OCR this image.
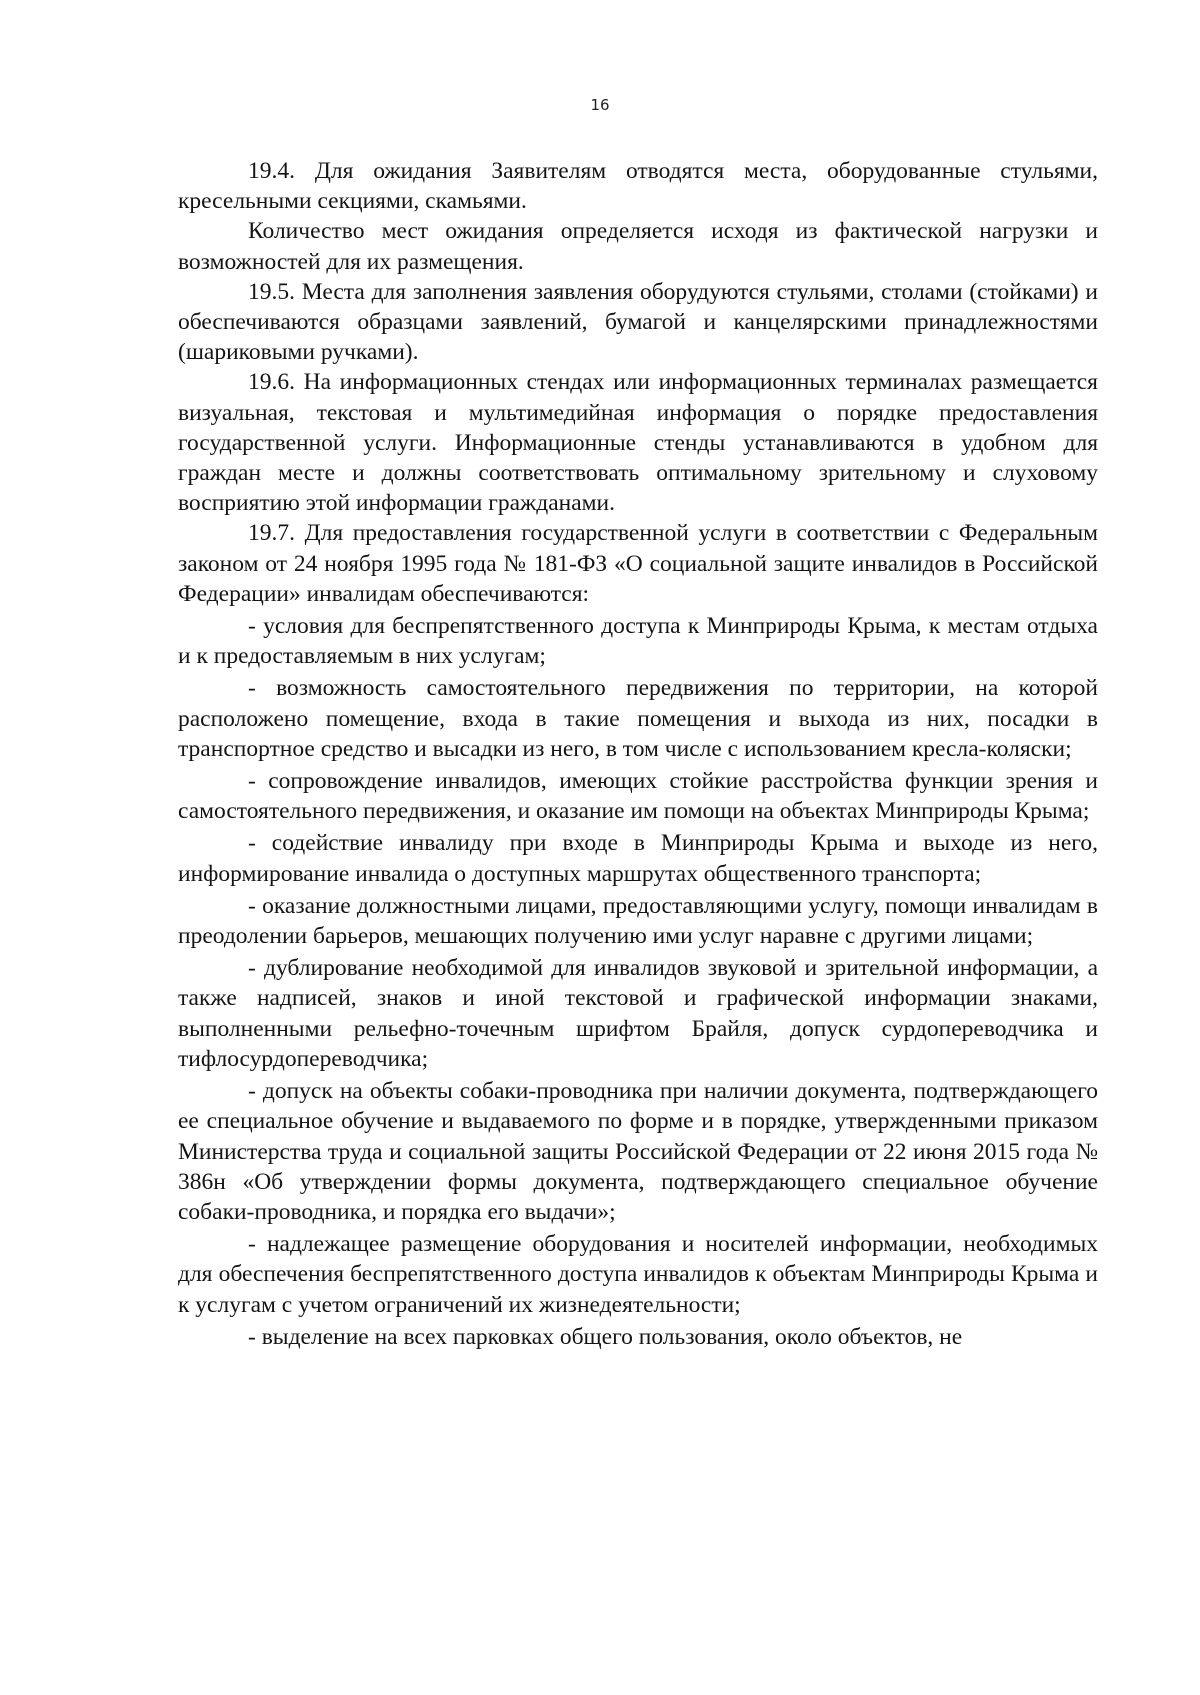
16

19.4. Для ожидания Заявителям отводятся места, оборудованные стульями, кресельными секциями, скамьями.

Количество мест ожидания определяется исходя из фактической нагрузки и возможностей для их размещения.

19.5. Места для заполнения заявления оборудуются стульями, столами (стойками) и обеспечиваются образцами заявлений, бумагой и канцелярскими принадлежностями (шариковыми ручками).

19.6. На информационных стендах или информационных терминалах размещается визуальная, текстовая и мультимедийная информация о порядке предоставления государственной услуги. Информационные стенды устанавливаются в удобном для граждан месте и должны соответствовать оптимальному зрительному и слуховому восприятию этой информации гражданами.

19.7. Для предоставления государственной услуги в соответствии с Федеральным законом от 24 ноября 1995 года № 181-ФЗ «О социальной защите инвалидов в Российской Федерации» инвалидам обеспечиваются:

- условия для беспрепятственного доступа к Минприроды Крыма, к местам отдыха и к предоставляемым в них услугам;

- возможность самостоятельного передвижения по территории, на которой расположено помещение, входа в такие помещения и выхода из них, посадки в транспортное средство и высадки из него, в том числе с использованием кресла-коляски;

- сопровождение инвалидов, имеющих стойкие расстройства функции зрения и самостоятельного передвижения, и оказание им помощи на объектах Минприроды Крыма;

- содействие инвалиду при входе в Минприроды Крыма и выходе из него, информирование инвалида о доступных маршрутах общественного транспорта;

- оказание должностными лицами, предоставляющими услугу, помощи инвалидам в преодолении барьеров, мешающих получению ими услуг наравне с другими лицами;

- дублирование необходимой для инвалидов звуковой и зрительной информации, а также надписей, знаков и иной текстовой и графической информации знаками, выполненными рельефно-точечным шрифтом Брайля, допуск сурдопереводчика и тифлосурдопереводчика;

- допуск на объекты собаки-проводника при наличии документа, подтверждающего ее специальное обучение и выдаваемого по форме и в порядке, утвержденными приказом Министерства труда и социальной защиты Российской Федерации от 22 июня 2015 года № 386н «Об утверждении формы документа, подтверждающего специальное обучение собаки-проводника, и порядка его выдачи»;

- надлежащее размещение оборудования и носителей информации, необходимых для обеспечения беспрепятственного доступа инвалидов к объектам Минприроды Крыма и к услугам с учетом ограничений их жизнедеятельности;

- выделение на всех парковках общего пользования, около объектов, не
